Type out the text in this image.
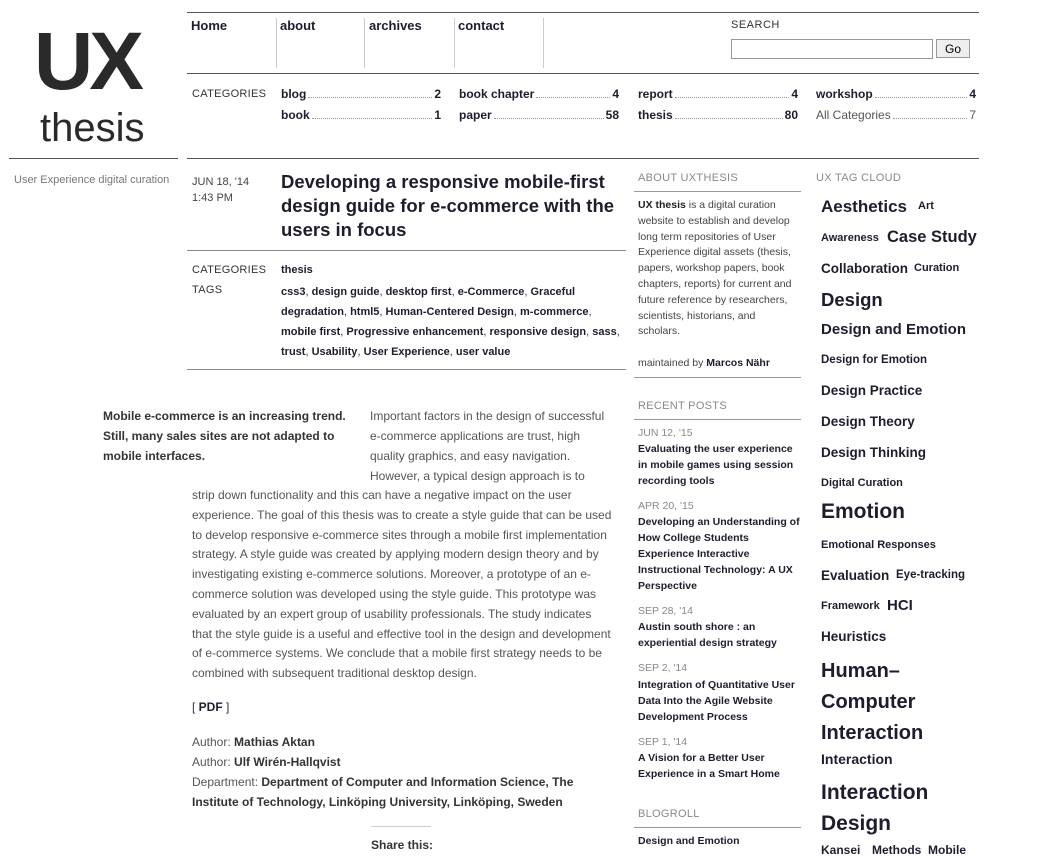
UX
thesis
User Experience digital curation
Home	about	archives	contact	SEARCH
Go
CATEGORIES blog	2 book chapter	4 report	4 workshop	4
book	1 paper	58 thesis	80 All Categories	7
JUN 18, '14
1:43 PM
Developing a responsive mobile-first design guide for e-commerce with the users in focus
CATEGORIES thesis
TAGS	css3, design guide, desktop first, e-Commerce, Graceful degradation, html5, Human-Centered Design, m-commerce, mobile first, Progressive enhancement, responsive design, sass, trust, Usability, User Experience, user value
Mobile e-commerce is an increasing trend. Still, many sales sites are not adapted to mobile interfaces.
Important factors in the design of successful e-commerce applications are trust, high quality graphics, and easy navigation. However, a typical design approach is to
strip down functionality and this can have a negative impact on the user experience. The goal of this thesis was to create a style guide that can be used to develop responsive e-commerce sites through a mobile first implementation strategy. A style guide was created by applying modern design theory and by investigating existing e-commerce solutions. Moreover, a prototype of an e-commerce solution was developed using the style guide. This prototype was evaluated by an expert group of usability professionals. The study indicates that the style guide is a useful and effective tool in the design and development of e-commerce systems. We conclude that a mobile first strategy needs to be combined with subsequent traditional desktop design.
[ PDF ]
Author: Mathias Aktan
Author: Ulf Wirén-Hallqvist
Department: Department of Computer and Information Science, The Institute of Technology, Linköping University, Linköping, Sweden
Share this:
ABOUT UXTHESIS
UX thesis is a digital curation website to establish and develop long term repositories of User Experience digital assets (thesis, papers, workshop papers, book chapters, reports) for current and future reference by researchers, scientists, historians, and scholars.
maintained by Marcos Nähr
RECENT POSTS
JUN 12, '15
Evaluating the user experience in mobile games using session recording tools
APR 20, '15
Developing an Understanding of How College Students Experience Interactive Instructional Technology: A UX Perspective
SEP 28, '14
Austin south shore : an experiential design strategy
SEP 2, '14
Integration of Quantitative User Data Into the Agile Website Development Process
SEP 1, '14
A Vision for a Better User Experience in a Smart Home
BLOGROLL
Design and Emotion
UX TAG CLOUD
Aesthetics Art
Awareness Case Study
Collaboration Curation
Design
Design and Emotion
Design for Emotion
Design Practice
Design Theory
Design Thinking
Digital Curation
Emotion
Emotional Responses
Evaluation Eye-tracking
Framework HCI
Heuristics
Human–Computer Interaction
Interaction
Interaction Design
Kansei Methods Mobile
